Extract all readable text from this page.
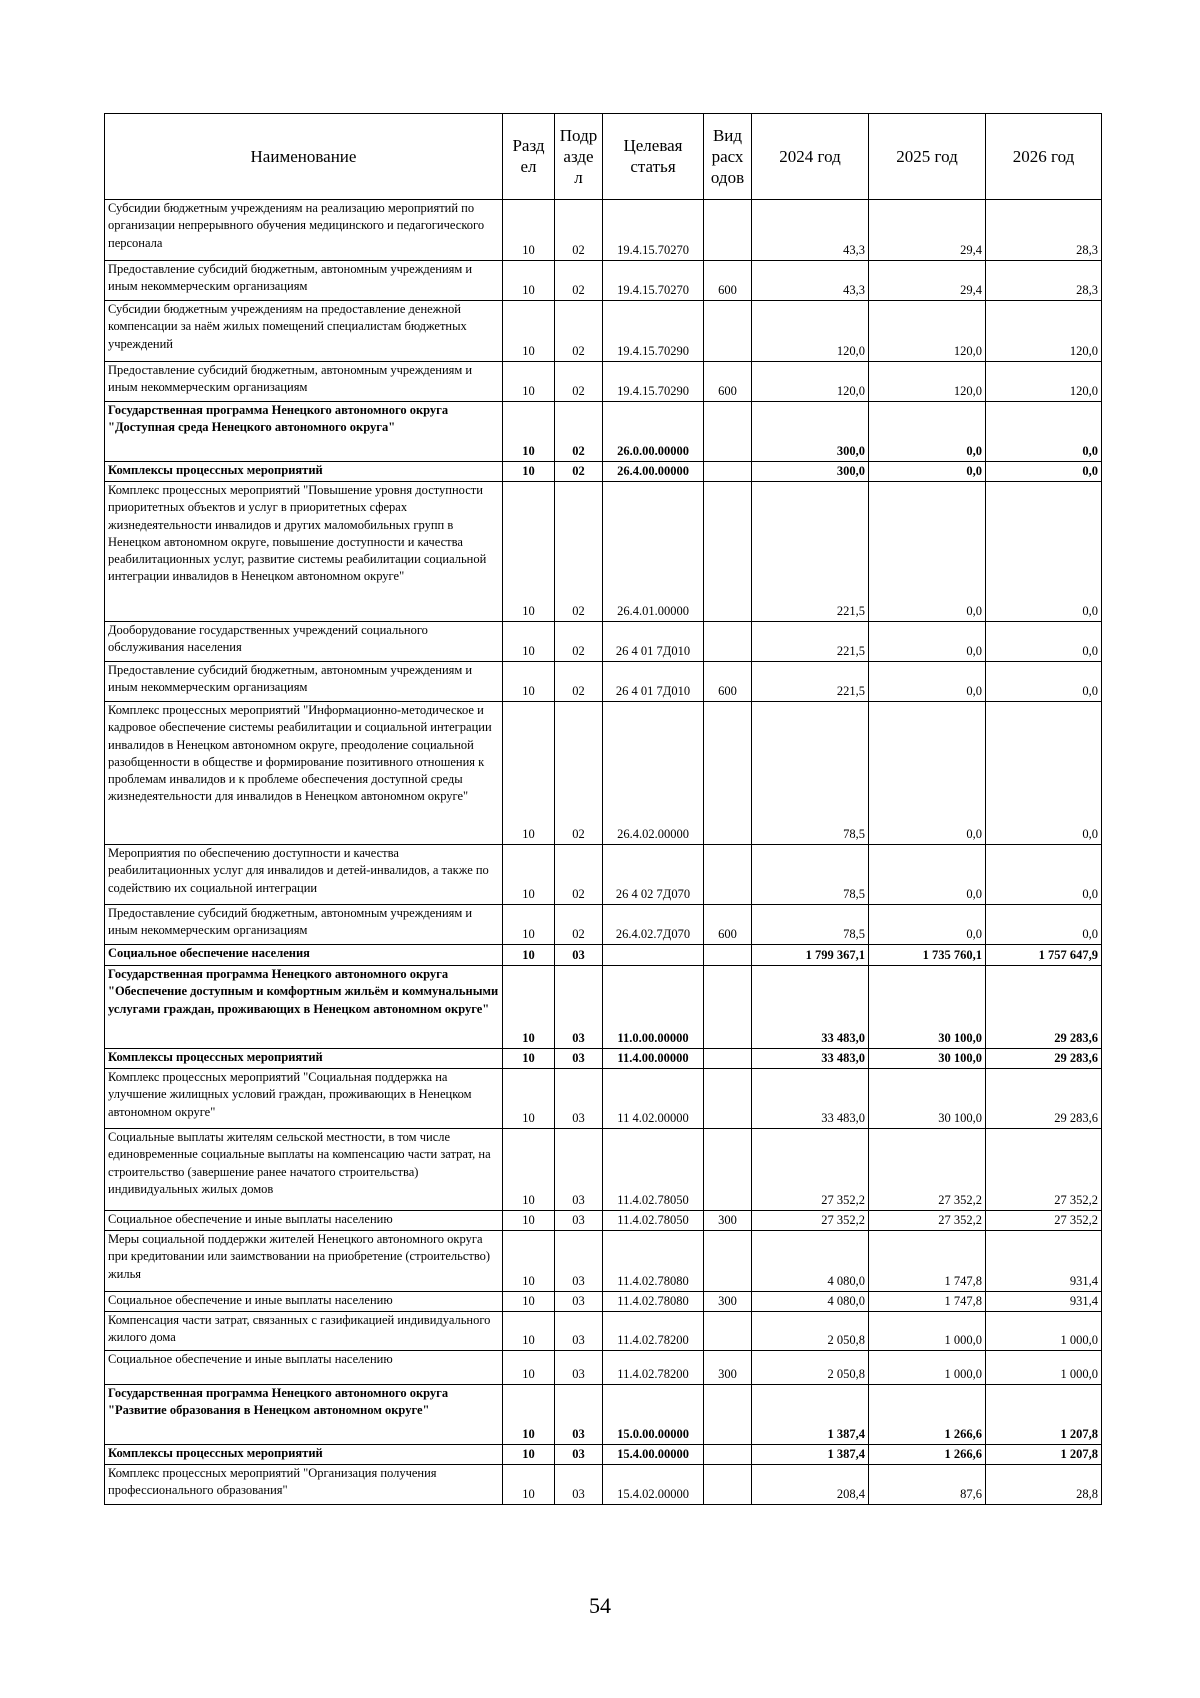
Наименование	Разд ел	Подр азде л	Целевая статья	Вид расх одов	2024 год	2025 год	2026 год
Субсидии бюджетным учреждениям на реализацию мероприятий по организации непрерывного обучения медицинского и педагогического персонала	10	02	19.4.15.70270		43,3	29,4	28,3
Предоставление субсидий бюджетным, автономным учреждениям и иным некоммерческим организациям	10	02	19.4.15.70270	600	43,3	29,4	28,3
Субсидии бюджетным учреждениям на предоставление денежной компенсации за наём жилых помещений специалистам бюджетных учреждений	10	02	19.4.15.70290		120,0	120,0	120,0
Предоставление субсидий бюджетным, автономным учреждениям и иным некоммерческим организациям	10	02	19.4.15.70290	600	120,0	120,0	120,0
Государственная программа Ненецкого автономного округа "Доступная среда Ненецкого автономного округа"	10	02	26.0.00.00000		300,0	0,0	0,0
Комплексы процессных мероприятий	10	02	26.4.00.00000		300,0	0,0	0,0
Комплекс процессных мероприятий "Повышение уровня доступности приоритетных объектов и услуг в приоритетных сферах жизнедеятельности инвалидов и других маломобильных групп в Ненецком автономном округе, повышение доступности и качества реабилитационных услуг, развитие системы реабилитации социальной интеграции инвалидов в Ненецком автономном округе"	10	02	26.4.01.00000		221,5	0,0	0,0
Дооборудование государственных учреждений социального обслуживания населения	10	02	26 4 01 7Д010		221,5	0,0	0,0
Предоставление субсидий бюджетным, автономным учреждениям и иным некоммерческим организациям	10	02	26 4 01 7Д010	600	221,5	0,0	0,0
Комплекс процессных мероприятий "Информационно-методическое и кадровое обеспечение системы реабилитации и социальной интеграции инвалидов в Ненецком автономном округе, преодоление социальной разобщенности в обществе и формирование позитивного отношения к проблемам инвалидов и к проблеме обеспечения доступной среды жизнедеятельности для инвалидов в Ненецком автономном округе"	10	02	26.4.02.00000		78,5	0,0	0,0
Мероприятия по обеспечению доступности и качества реабилитационных услуг для инвалидов и детей-инвалидов, а также по содействию их социальной интеграции	10	02	26 4 02 7Д070		78,5	0,0	0,0
Предоставление субсидий бюджетным, автономным учреждениям и иным некоммерческим организациям	10	02	26.4.02.7Д070	600	78,5	0,0	0,0
Социальное обеспечение населения	10	03			1 799 367,1	1 735 760,1	1 757 647,9
Государственная программа Ненецкого автономного округа "Обеспечение доступным и комфортным жильём и коммунальными услугами граждан, проживающих в Ненецком автономном округе"	10	03	11.0.00.00000		33 483,0	30 100,0	29 283,6
Комплексы процессных мероприятий	10	03	11.4.00.00000		33 483,0	30 100,0	29 283,6
Комплекс процессных мероприятий "Социальная поддержка на улучшение жилищных условий граждан, проживающих в Ненецком автономном округе"	10	03	11 4.02.00000		33 483,0	30 100,0	29 283,6
Социальные выплаты жителям сельской местности, в том числе единовременные социальные выплаты на компенсацию части затрат, на строительство (завершение ранее начатого строительства) индивидуальных жилых домов	10	03	11.4.02.78050		27 352,2	27 352,2	27 352,2
Социальное обеспечение и иные выплаты населению	10	03	11.4.02.78050	300	27 352,2	27 352,2	27 352,2
Меры социальной поддержки жителей Ненецкого автономного округа при кредитовании или заимствовании на приобретение (строительство) жилья	10	03	11.4.02.78080		4 080,0	1 747,8	931,4
Социальное обеспечение и иные выплаты населению	10	03	11.4.02.78080	300	4 080,0	1 747,8	931,4
Компенсация части затрат, связанных с газификацией индивидуального жилого дома	10	03	11.4.02.78200		2 050,8	1 000,0	1 000,0
Социальное обеспечение и иные выплаты населению	10	03	11.4.02.78200	300	2 050,8	1 000,0	1 000,0
Государственная программа Ненецкого автономного округа "Развитие образования в Ненецком автономном округе"	10	03	15.0.00.00000		1 387,4	1 266,6	1 207,8
Комплексы процессных мероприятий	10	03	15.4.00.00000		1 387,4	1 266,6	1 207,8
Комплекс процессных мероприятий "Организация получения профессионального образования"	10	03	15.4.02.00000		208,4	87,6	28,8
54
